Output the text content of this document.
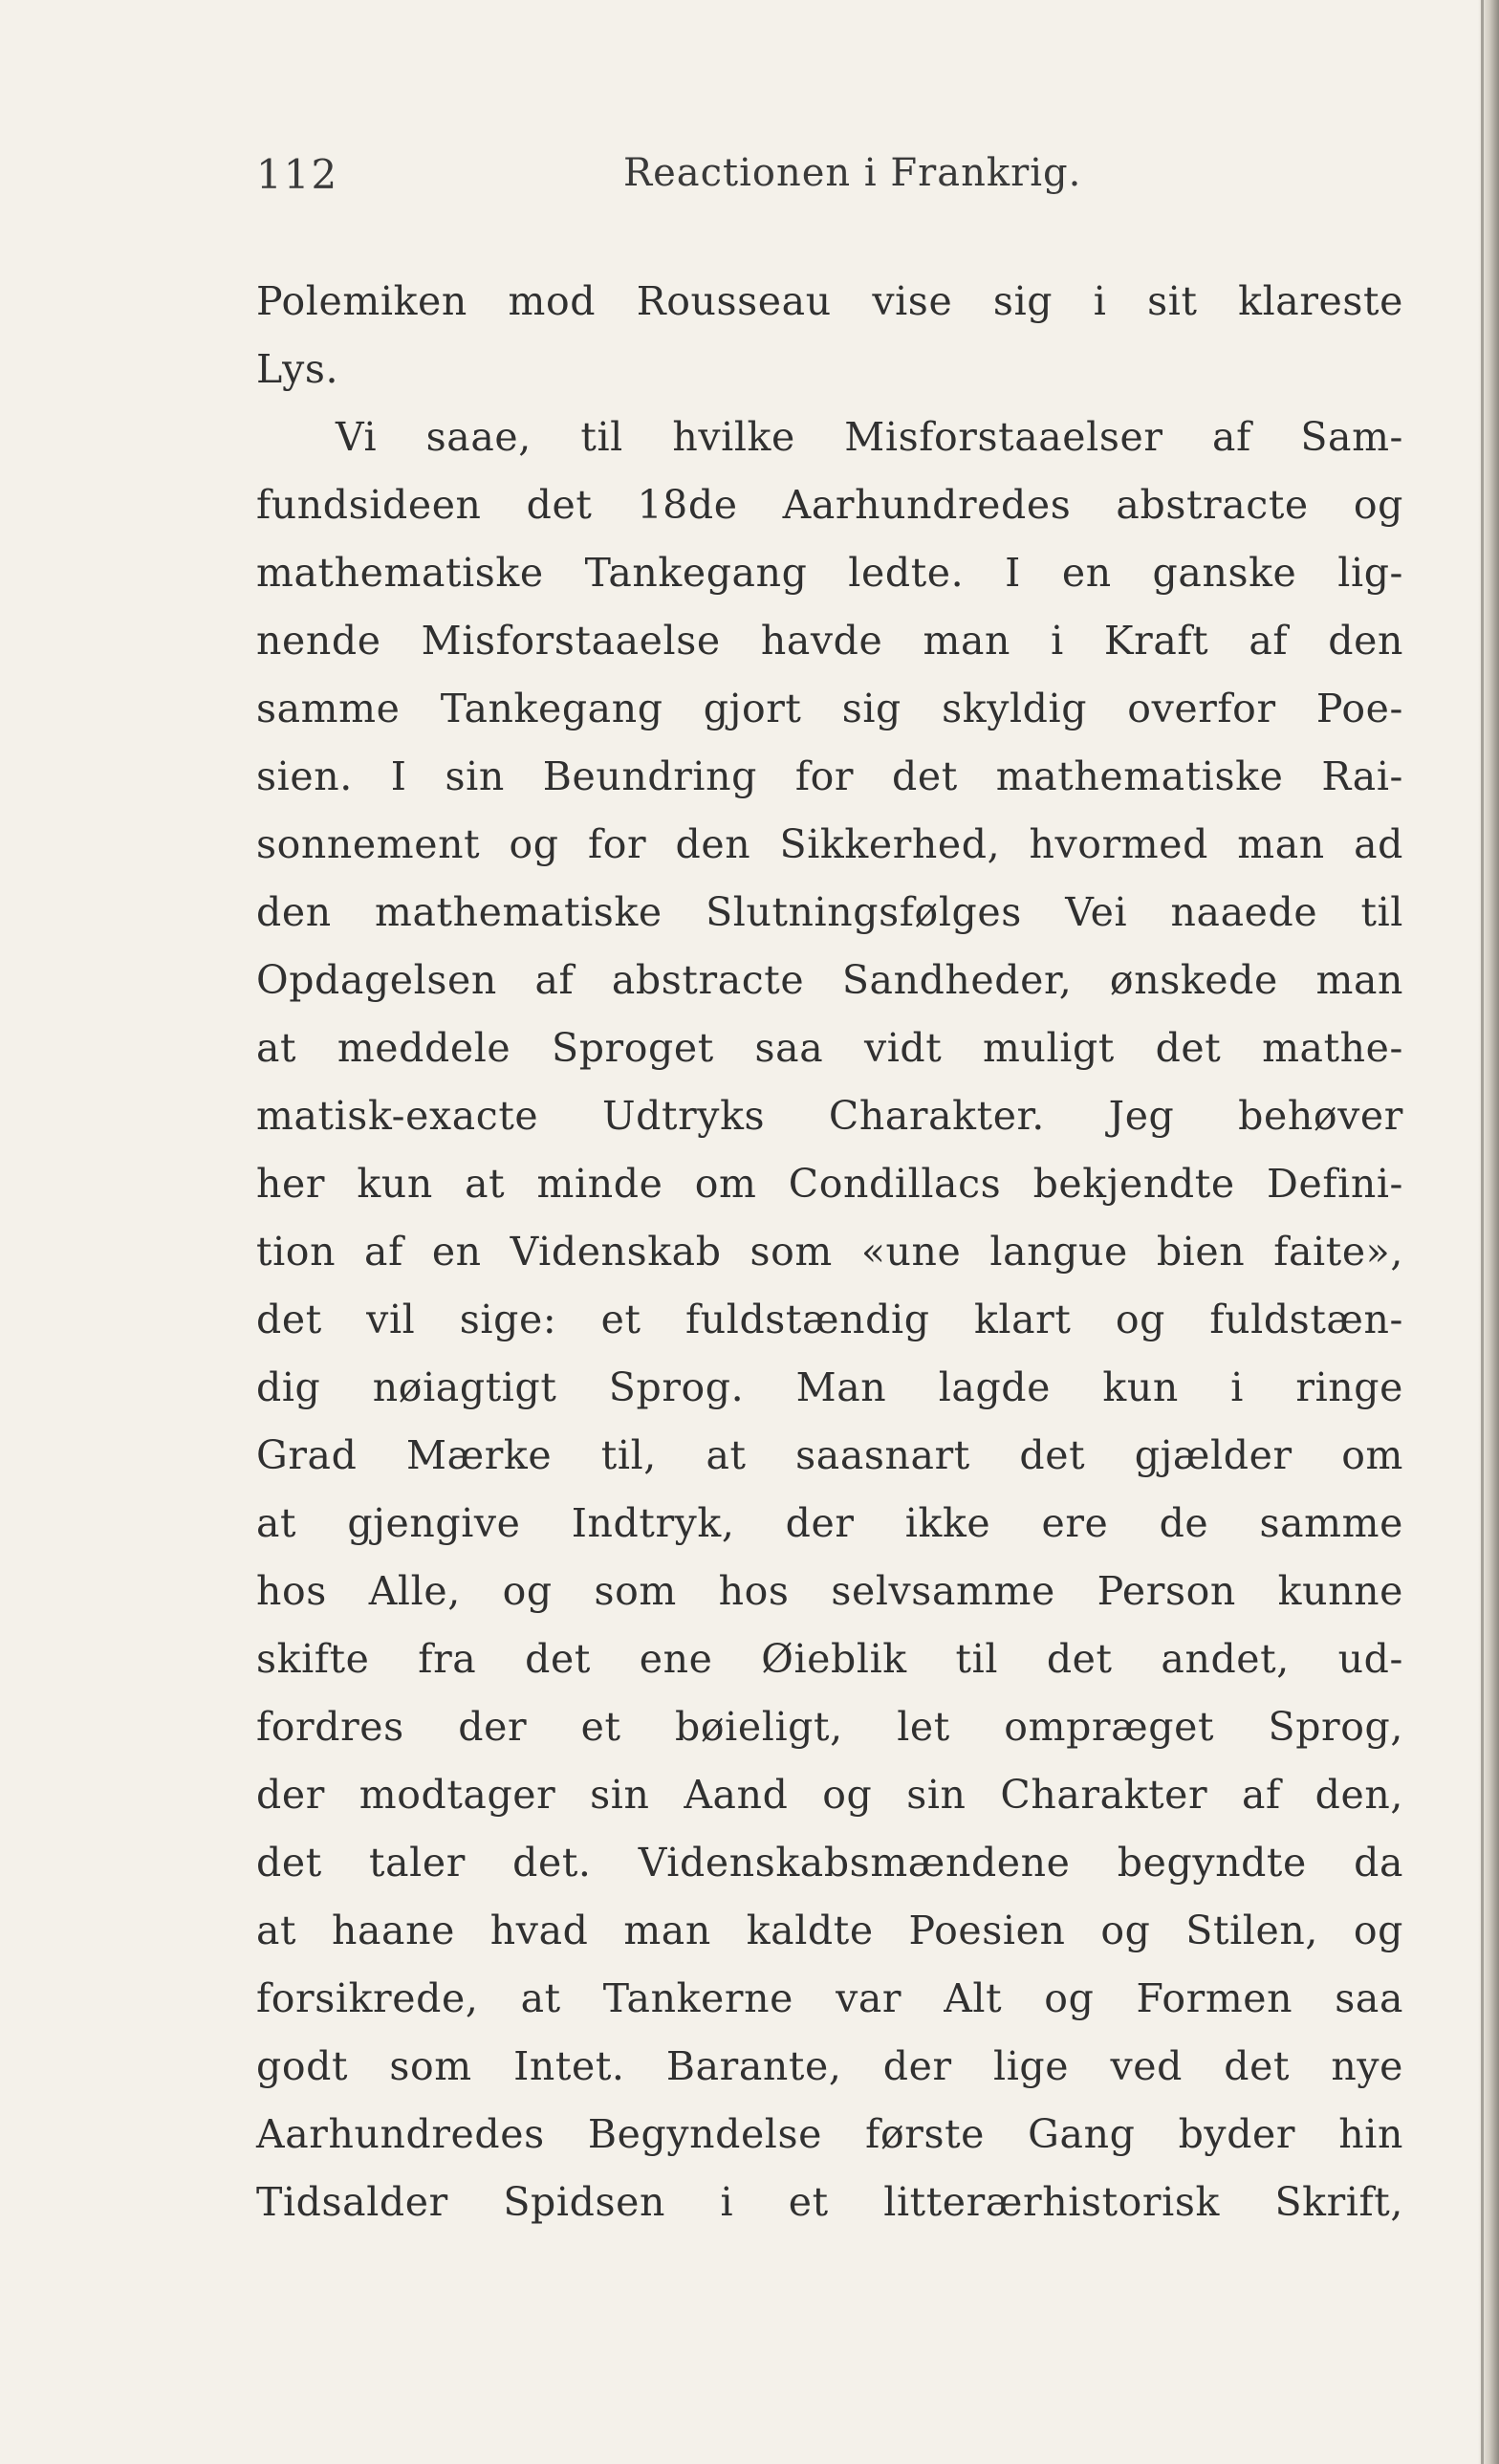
112	Reactionen i Frankrig.
Polemiken mod Rousseau vise sig i sit klareste
Lys.
Vi saae, til hvilke Misforstaaelser af Sam-
fundsideen det 18de Aarhundredes abstracte og
mathematiske Tankegang ledte. I en ganske lig-
nende Misforstaaelse havde man i Kraft af den
samme Tankegang gjort sig skyldig overfor Poe-
sien. I sin Beundring for det mathematiske Rai-
sonnement og for den Sikkerhed, hvormed man ad
den mathematiske Slutningsfølges Vei naaede til
Opdagelsen af abstracte Sandheder, ønskede man
at meddele Sproget saa vidt muligt det mathe-
matisk-exacte Udtryks Charakter. Jeg behøver
her kun at minde om Condillacs bekjendte Defini-
tion af en Videnskab som «une langue bien faite»,
det vil sige: et fuldstændig klart og fuldstæn-
dig nøiagtigt Sprog. Man lagde kun i ringe
Grad Mærke til, at saasnart det gjælder om
at gjengive Indtryk, der ikke ere de samme
hos Alle, og som hos selvsamme Person kunne
skifte fra det ene Øieblik til det andet, ud-
fordres der et bøieligt, let ompræget Sprog,
der modtager sin Aand og sin Charakter af den,
det taler det. Videnskabsmændene begyndte da
at haane hvad man kaldte Poesien og Stilen, og
forsikrede, at Tankerne var Alt og Formen saa
godt som Intet. Barante, der lige ved det nye
Aarhundredes Begyndelse første Gang byder hin
Tidsalder Spidsen i et litterærhistorisk Skrift,
